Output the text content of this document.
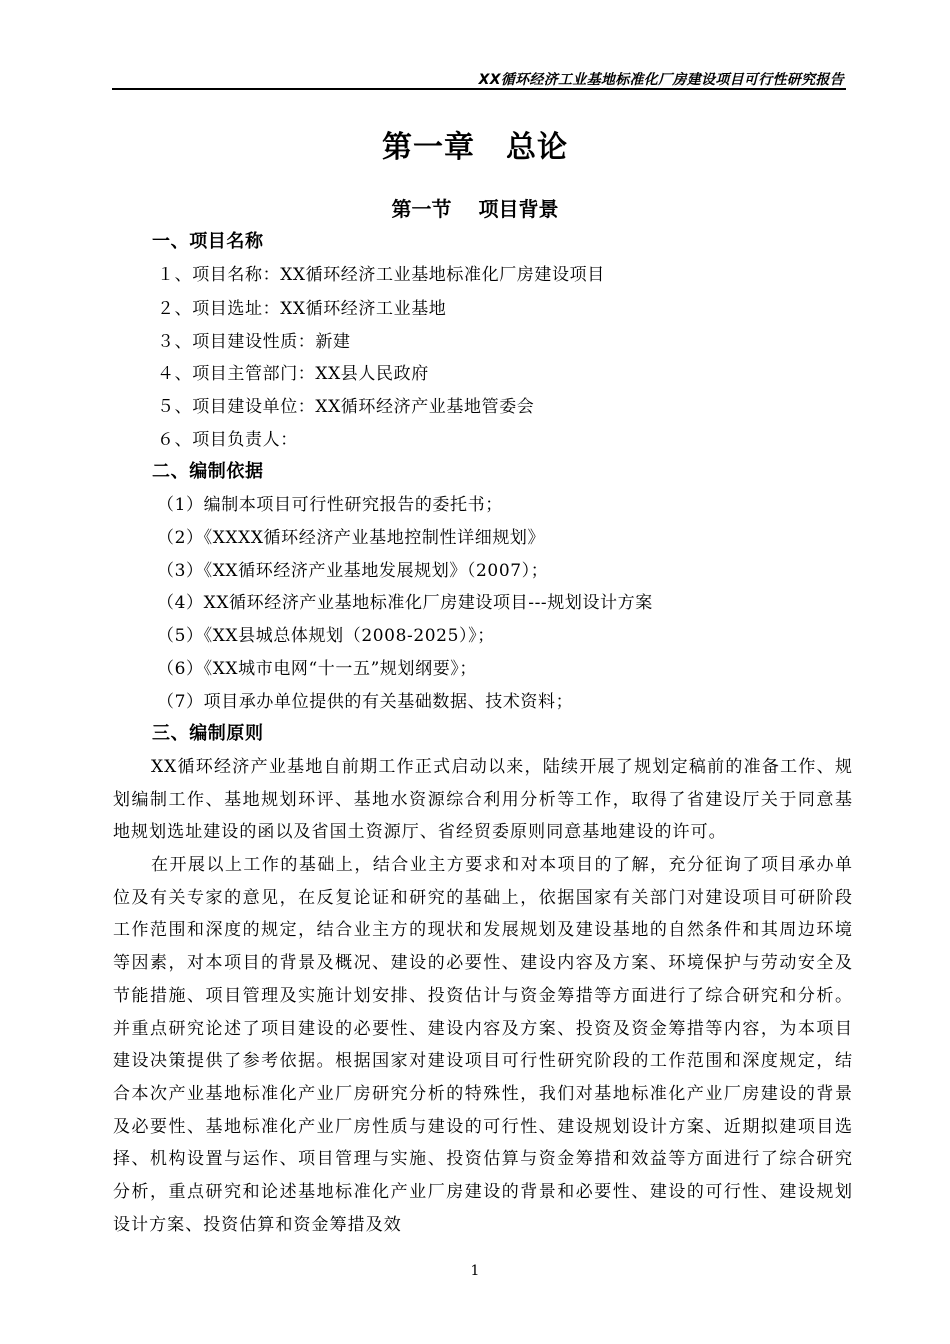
XX循环经济工业基地标准化厂房建设项目可行性研究报告
第一章　总论
第一节　 项目背景
一、项目名称
１、项目名称：XX循环经济工业基地标准化厂房建设项目
２、项目选址：XX循环经济工业基地
３、项目建设性质：新建
４、项目主管部门：XX县人民政府
５、项目建设单位：XX循环经济产业基地管委会
６、项目负责人：
二、编制依据
（1）编制本项目可行性研究报告的委托书；
（2）《XXXX循环经济产业基地控制性详细规划》
（3）《XX循环经济产业基地发展规划》（2007）；
（4）XX循环经济产业基地标准化厂房建设项目---规划设计方案
（5）《XX县城总体规划（2008-2025）》；
（6）《XX城市电网“十一五”规划纲要》；
（7）项目承办单位提供的有关基础数据、技术资料；
三、编制原则
XX循环经济产业基地自前期工作正式启动以来，陆续开展了规划定稿前的准备工作、规划编制工作、基地规划环评、基地水资源综合利用分析等工作，取得了省建设厅关于同意基地规划选址建设的函以及省国土资源厅、省经贸委原则同意基地建设的许可。
在开展以上工作的基础上，结合业主方要求和对本项目的了解，充分征询了项目承办单位及有关专家的意见，在反复论证和研究的基础上，依据国家有关部门对建设项目可研阶段工作范围和深度的规定，结合业主方的现状和发展规划及建设基地的自然条件和其周边环境等因素，对本项目的背景及概况、建设的必要性、建设内容及方案、环境保护与劳动安全及节能措施、项目管理及实施计划安排、投资估计与资金筹措等方面进行了综合研究和分析。并重点研究论述了项目建设的必要性、建设内容及方案、投资及资金筹措等内容，为本项目建设决策提供了参考依据。根据国家对建设项目可行性研究阶段的工作范围和深度规定，结合本次产业基地标准化产业厂房研究分析的特殊性，我们对基地标准化产业厂房建设的背景及必要性、基地标准化产业厂房性质与建设的可行性、建设规划设计方案、近期拟建项目选择、机构设置与运作、项目管理与实施、投资估算与资金筹措和效益等方面进行了综合研究分析，重点研究和论述基地标准化产业厂房建设的背景和必要性、建设的可行性、建设规划设计方案、投资估算和资金筹措及效
1
